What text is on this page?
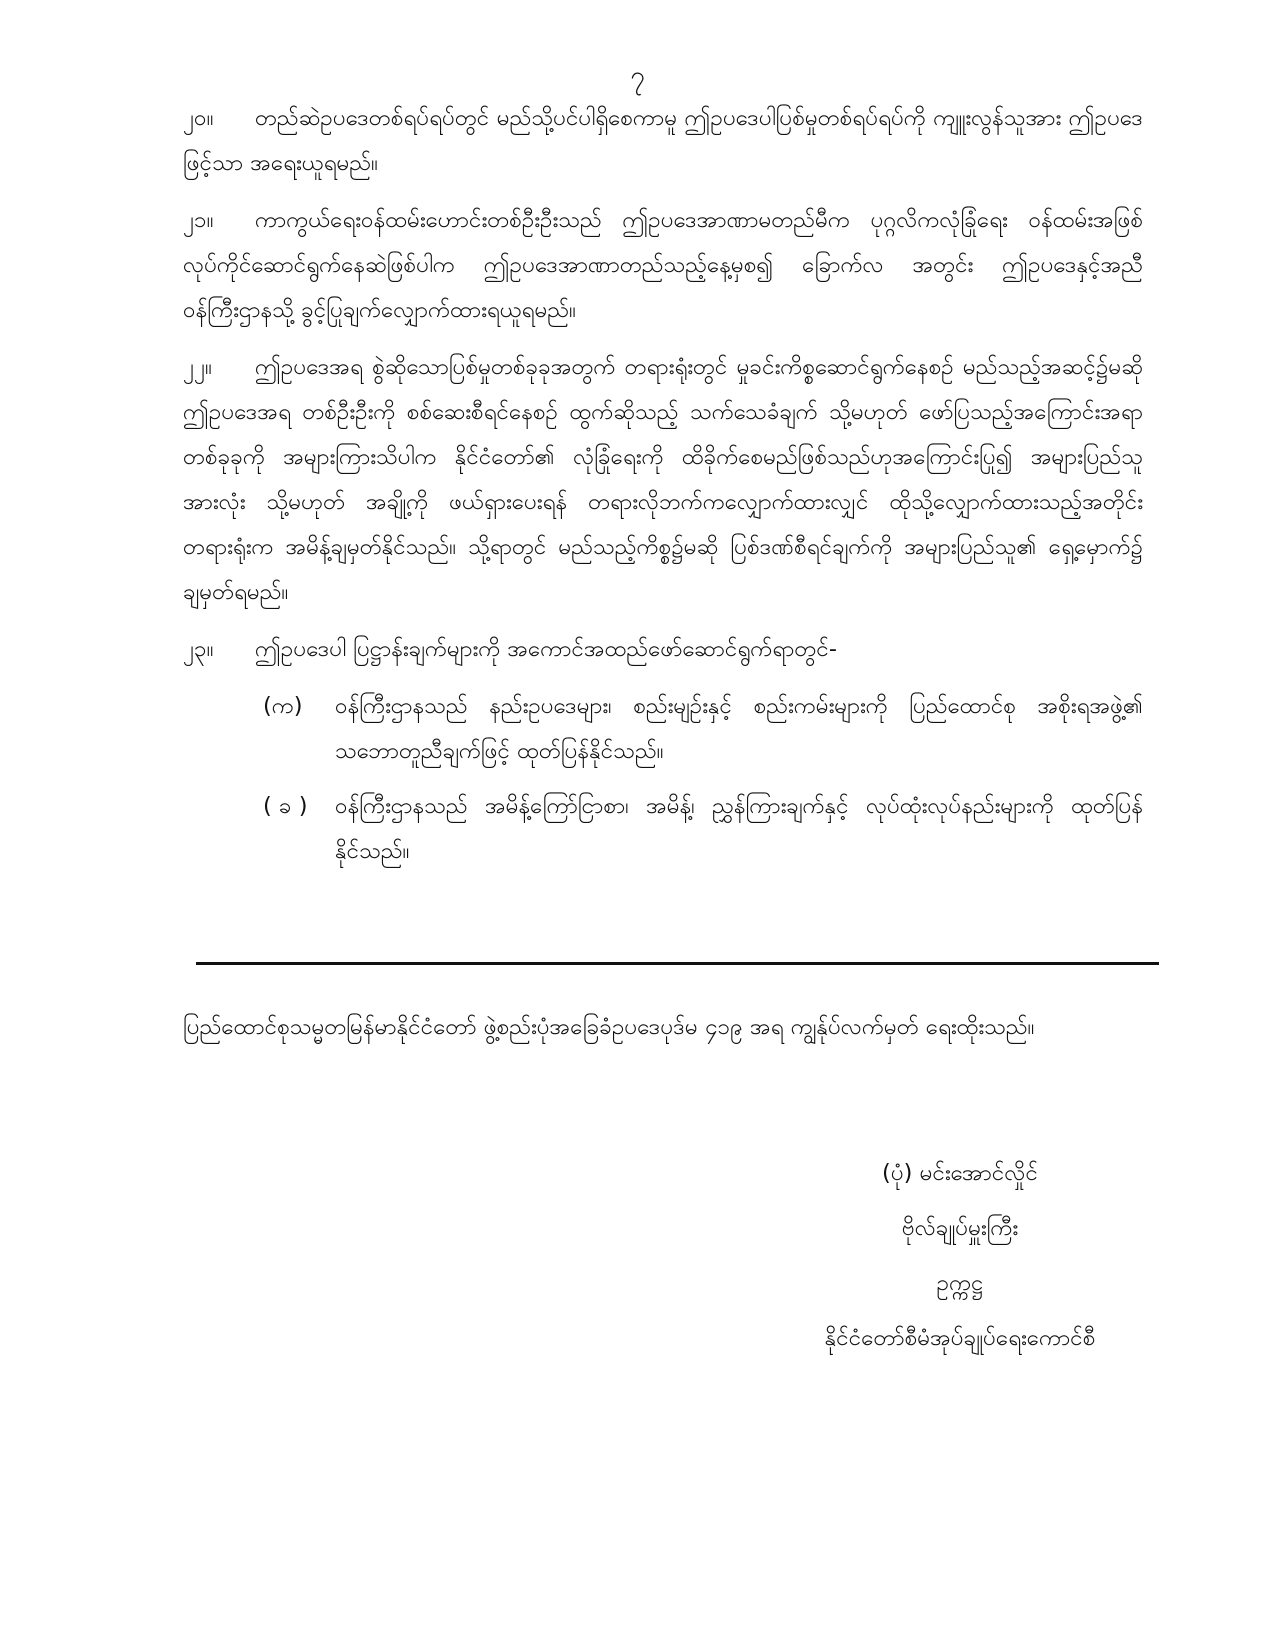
၇

၂၀။ တည်ဆဲဥပဒေတစ်ရပ်ရပ်တွင် မည်သို့ပင်ပါရှိစေကာမူ ဤဥပဒေပါပြစ်မှုတစ်ရပ်ရပ်ကို ကျူးလွန်သူအား ဤဥပဒေဖြင့်သာ အရေးယူရမည်။

၂၁။ ကာကွယ်ရေးဝန်ထမ်းဟောင်းတစ်ဦးဦးသည် ဤဥပဒေအာဏာမတည်မီက ပုဂ္ဂလိကလုံခြုံရေး ဝန်ထမ်းအဖြစ် လုပ်ကိုင်ဆောင်ရွက်နေဆဲဖြစ်ပါက ဤဥပဒေအာဏာတည်သည့်နေ့မှစ၍ ခြောက်လ အတွင်း ဤဥပဒေနှင့်အညီ ဝန်ကြီးဌာနသို့ ခွင့်ပြုချက်လျှောက်ထားရယူရမည်။

၂၂။ ဤဥပဒေအရ စွဲဆိုသောပြစ်မှုတစ်ခုခုအတွက် တရားရုံးတွင် မှုခင်းကိစ္စဆောင်ရွက်နေစဉ် မည်သည့်အဆင့်၌မဆို ဤဥပဒေအရ တစ်ဦးဦးကို စစ်ဆေးစီရင်နေစဉ် ထွက်ဆိုသည့် သက်သေခံချက် သို့မဟုတ် ဖော်ပြသည့်အကြောင်းအရာတစ်ခုခုကို အများကြားသိပါက နိုင်ငံတော်၏ လုံခြုံရေးကို ထိခိုက်စေမည်ဖြစ်သည်ဟုအကြောင်းပြု၍ အများပြည်သူအားလုံး သို့မဟုတ် အချို့ကို ဖယ်ရှားပေးရန် တရားလိုဘက်ကလျှောက်ထားလျှင် ထိုသို့လျှောက်ထားသည့်အတိုင်း တရားရုံးက အမိန့်ချမှတ်နိုင်သည်။ သို့ရာတွင် မည်သည့်ကိစ္စ၌မဆို ပြစ်ဒဏ်စီရင်ချက်ကို အများပြည်သူ၏ ရှေ့မှောက်၌ ချမှတ်ရမည်။

၂၃။ ဤဥပဒေပါ ပြဋ္ဌာန်းချက်များကို အကောင်အထည်ဖော်ဆောင်ရွက်ရာတွင်-

(က)	ဝန်ကြီးဌာနသည် နည်းဥပဒေများ၊ စည်းမျဉ်းနှင့် စည်းကမ်းများကို ပြည်ထောင်စု အစိုးရအဖွဲ့၏ သဘောတူညီချက်ဖြင့် ထုတ်ပြန်နိုင်သည်။

( ခ )	ဝန်ကြီးဌာနသည် အမိန့်ကြော်ငြာစာ၊ အမိန့်၊ ညွှန်ကြားချက်နှင့် လုပ်ထုံးလုပ်နည်းများကို ထုတ်ပြန်နိုင်သည်။

ပြည်ထောင်စုသမ္မတမြန်မာနိုင်ငံတော် ဖွဲ့စည်းပုံအခြေခံဥပဒေပုဒ်မ ၄၁၉ အရ ကျွန်ုပ်လက်မှတ် ရေးထိုးသည်။

(ပုံ) မင်းအောင်လှိုင်
ဗိုလ်ချုပ်မှူးကြီး
ဥက္ကဋ္ဌ
နိုင်ငံတော်စီမံအုပ်ချုပ်ရေးကောင်စီ
